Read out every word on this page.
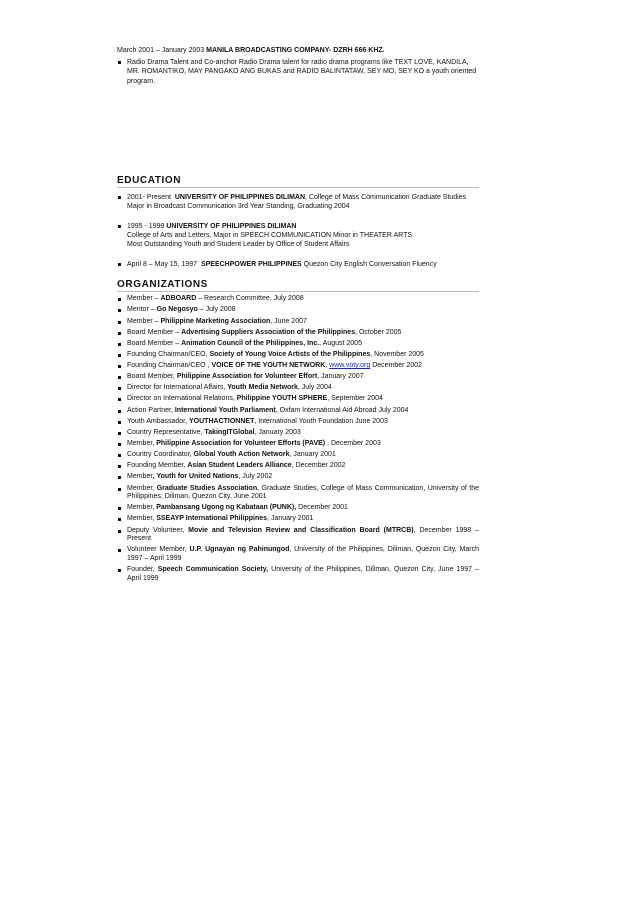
March 2001 – January 2003 MANILA BROADCASTING COMPANY- DZRH 666 KHZ.
Radio Drama Talent and Co-anchor Radio Drama talent for radio drama programs like TEXT LOVE, KANDILA, MR. ROMANTIKO, MAY PANGAKO ANG BUKAS and RADIO BALINTATAW. SEY MO, SEY KO a youth oriented program.
EDUCATION
2001- Present UNIVERSITY OF PHILIPPINES DILIMAN, College of Mass Communication Graduate Studies
Major in Broadcast Communication 3rd Year Standing, Graduating 2004
1995 - 1999 UNIVERSITY OF PHILIPPINES DILIMAN
College of Arts and Letters, Major in SPEECH COMMUNICATION Minor in THEATER ARTS
Most Outstanding Youth and Student Leader by Office of Student Affairs
April 8 – May 15, 1997 SPEECHPOWER PHILIPPINES Quezon City English Conversation Fluency
ORGANIZATIONS
Member – ADBOARD – Research Committee, July 2008
Mentor – Go Negosyo – July 2008
Member – Philippine Marketing Association, June 2007
Board Member – Advertising Suppliers Association of the Philippines, October 2005
Board Member – Animation Council of the Philippines, Inc., August 2005
Founding Chairman/CEO, Society of Young Voice Artists of the Philippines, November 2005
Founding Chairman/CEO , VOICE OF THE YOUTH NETWORK, www.voty.org December 2002
Board Member, Philippine Association for Volunteer Effort, January 2007
Director for International Affairs, Youth Media Network, July 2004
Director on International Relations, Philippine YOUTH SPHERE, September 2004
Action Partner, International Youth Parliament, Oxfam International Aid Abroad July 2004
Youth Ambassador, YOUTHACTIONNET, International Youth Foundation June 2003
Country Representative, TakingITGlobal, January 2003
Member, Philippine Association for Volunteer Efforts (PAVE) , December 2003
Country Coordinator, Global Youth Action Network, January 2001
Founding Member, Asian Student Leaders Alliance, December 2002
Member, Youth for United Nations, July 2002
Member, Graduate Studies Association, Graduate Studies, College of Mass Communication, University of the Philippines, Diliman, Quezon City, June 2001
Member, Pambansang Ugong ng Kabataan (PUNK), December 2001
Member, SSEAYP International Philippines, January 2001
Deputy Volunteer, Movie and Television Review and Classification Board (MTRCB), December 1998 – Present
Volunteer Member, U.P. Ugnayan ng Pahinungod, University of the Philippines, Diliman, Quezon City, March 1997 – April 1999
Founder, Speech Communication Society, University of the Philippines, Diliman, Quezon City, June 1997 – April 1999
